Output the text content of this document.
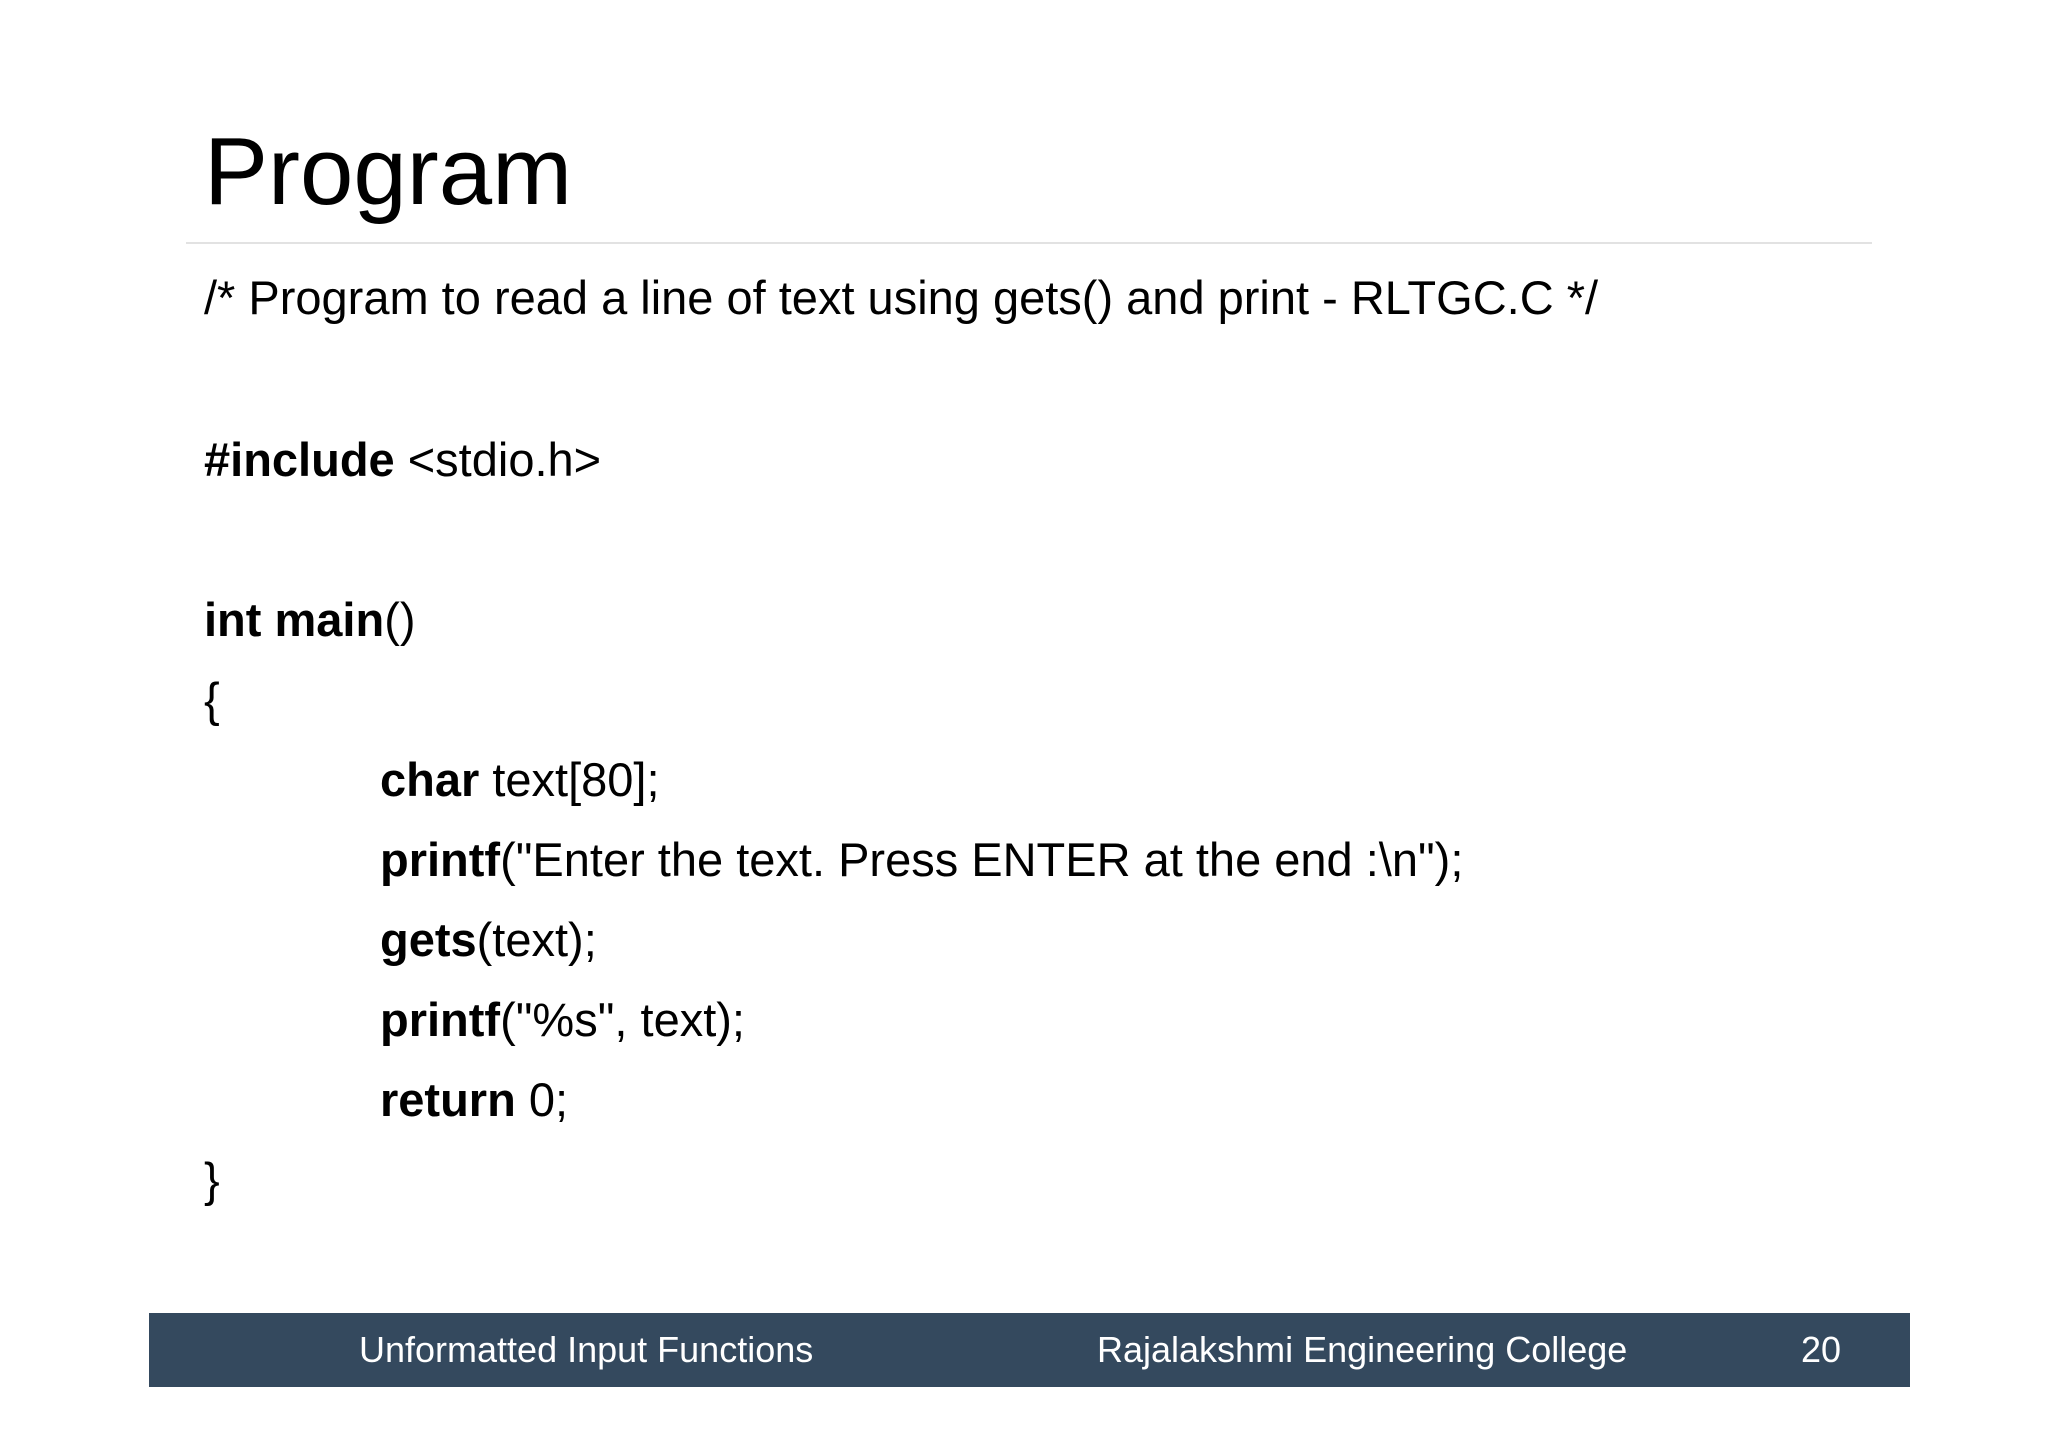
Program
/* Program to read a line of text using gets() and print - RLTGC.C */
#include <stdio.h>
int main()
{
char text[80];
printf("Enter the text. Press ENTER at the end :\n");
gets(text);
printf("%s", text);
return 0;
}
Unformatted Input Functions	Rajalakshmi Engineering College	20
